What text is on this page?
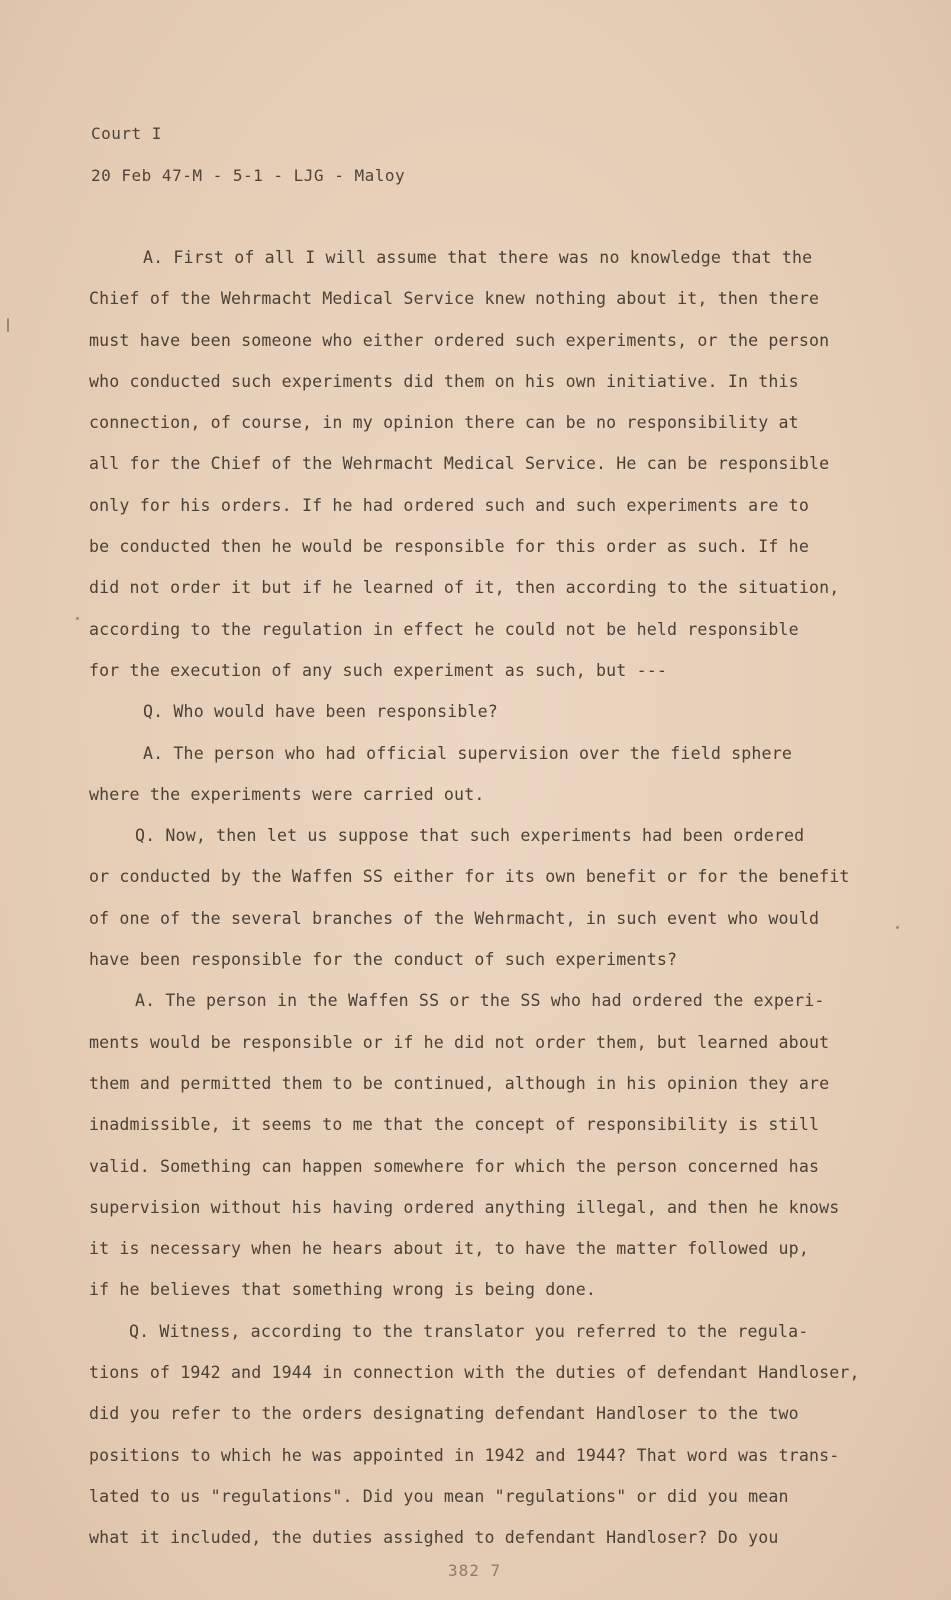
Court I
20 Feb 47-M - 5-1 - LJG - Maloy
A. First of all I will assume that there was no knowledge that the
Chief of the Wehrmacht Medical Service knew nothing about it, then there
must have been someone who either ordered such experiments, or the person
who conducted such experiments did them on his own initiative. In this
connection, of course, in my opinion there can be no responsibility at
all for the Chief of the Wehrmacht Medical Service. He can be responsible
only for his orders. If he had ordered such and such experiments are to
be conducted then he would be responsible for this order as such. If he
did not order it but if he learned of it, then according to the situation,
according to the regulation in effect he could not be held responsible
for the execution of any such experiment as such, but ---
Q. Who would have been responsible?
A. The person who had official supervision over the field sphere
where the experiments were carried out.
Q. Now, then let us suppose that such experiments had been ordered
or conducted by the Waffen SS either for its own benefit or for the benefit
of one of the several branches of the Wehrmacht, in such event who would
have been responsible for the conduct of such experiments?
A. The person in the Waffen SS or the SS who had ordered the experi-
ments would be responsible or if he did not order them, but learned about
them and permitted them to be continued, although in his opinion they are
inadmissible, it seems to me that the concept of responsibility is still
valid. Something can happen somewhere for which the person concerned has
supervision without his having ordered anything illegal, and then he knows
it is necessary when he hears about it, to have the matter followed up,
if he believes that something wrong is being done.
Q. Witness, according to the translator you referred to the regula-
tions of 1942 and 1944 in connection with the duties of defendant Handloser,
did you refer to the orders designating defendant Handloser to the two
positions to which he was appointed in 1942 and 1944? That word was trans-
lated to us "regulations". Did you mean "regulations" or did you mean
what it included, the duties assighed to defendant Handloser? Do you
382 7
